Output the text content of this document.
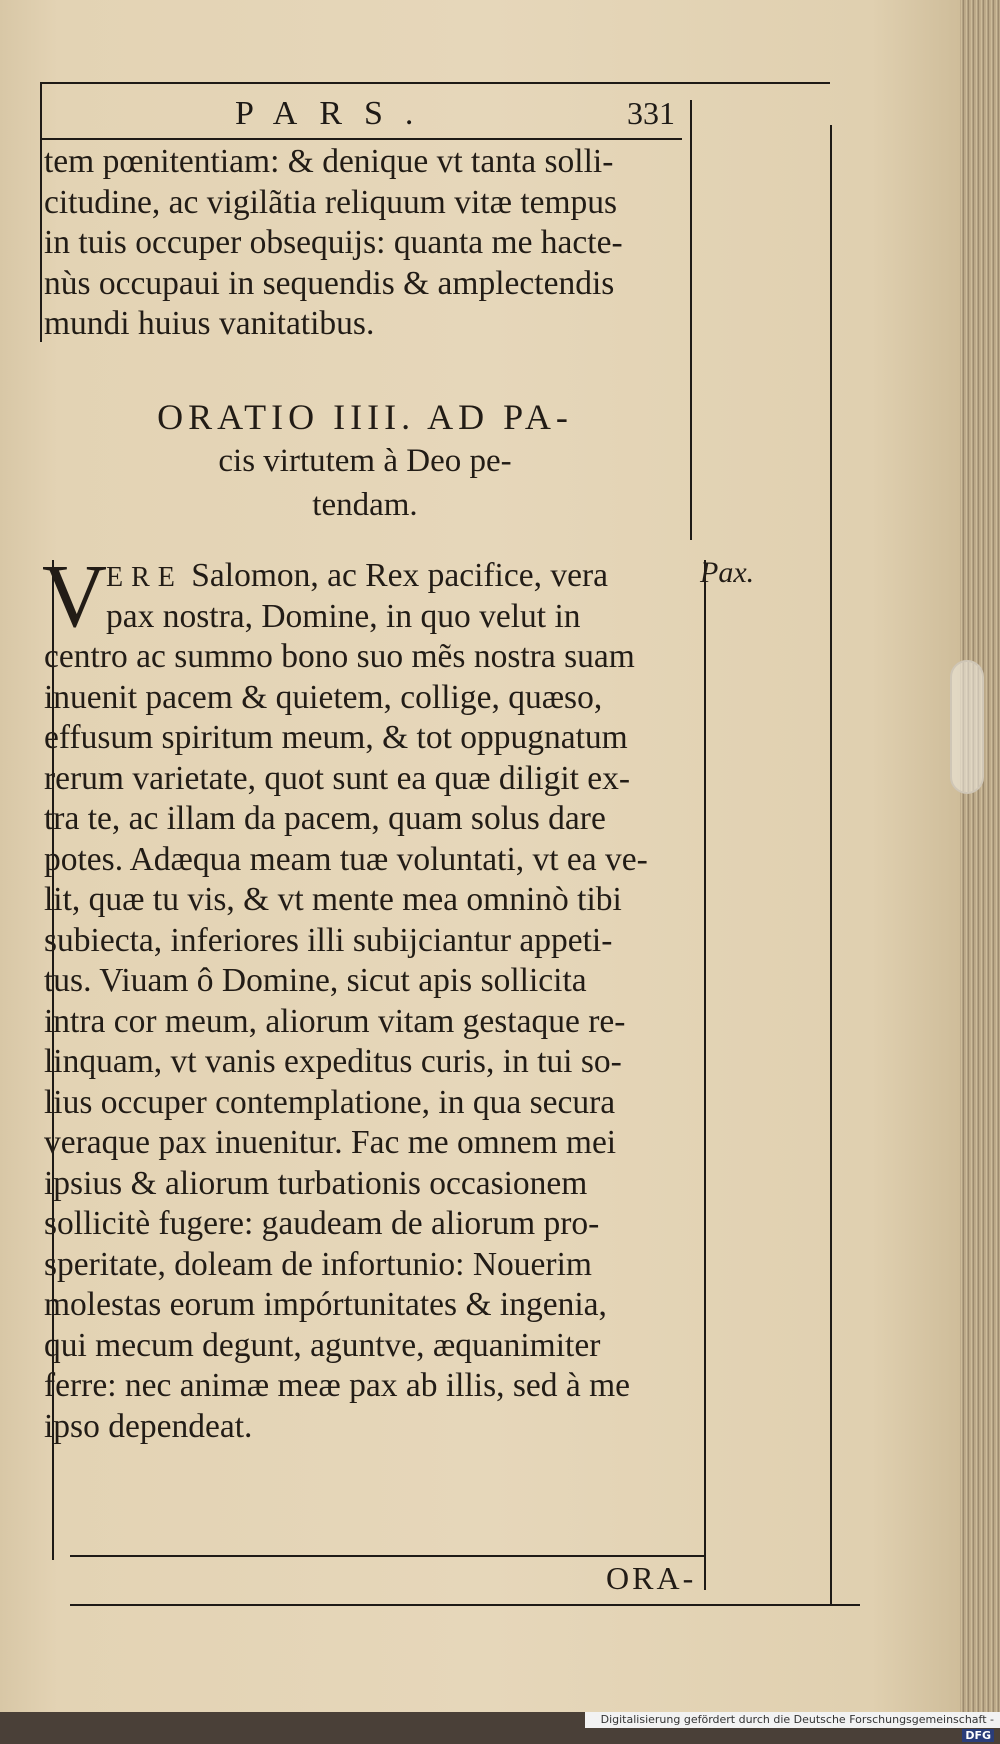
PARS.	331
tem pœnitentiam: & denique vt tanta solli-
citudine, ac vigilãtia reliquum vitæ tempus
in tuis occuper obsequijs: quanta me hacte-
nùs occupaui in sequendis & amplectendis
mundi huius vanitatibus.
ORATIO IIII. AD PA-
cis virtutem à Deo pe-
tendam.
V ERE Salomon, ac Rex pacifice, vera
pax nostra, Domine, in quo velut in
centro ac summo bono suo mẽs nostra suam
inuenit pacem & quietem, collige, quæso,
effusum spiritum meum, & tot oppugnatum
rerum varietate, quot sunt ea quæ diligit ex-
tra te, ac illam da pacem, quam solus dare
potes. Adæqua meam tuæ voluntati, vt ea ve-
lit, quæ tu vis, & vt mente mea omninò tibi
subiecta, inferiores illi subijciantur appeti-
tus. Viuam ô Domine, sicut apis sollicita
intra cor meum, aliorum vitam gestaque re-
linquam, vt vanis expeditus curis, in tui so-
lius occuper contemplatione, in qua secura
veraque pax inuenitur. Fac me omnem mei
ipsius & aliorum turbationis occasionem
sollicitè fugere: gaudeam de aliorum pro-
speritate, doleam de infortunio: Nouerim
molestas eorum impórtunitates & ingenia,
qui mecum degunt, aguntve, æquanimiter
ferre: nec animæ meæ pax ab illis, sed à me
ipso dependeat.
Pax.
ORA-
Digitalisierung gefördert durch die Deutsche Forschungsgemeinschaft -DFG
